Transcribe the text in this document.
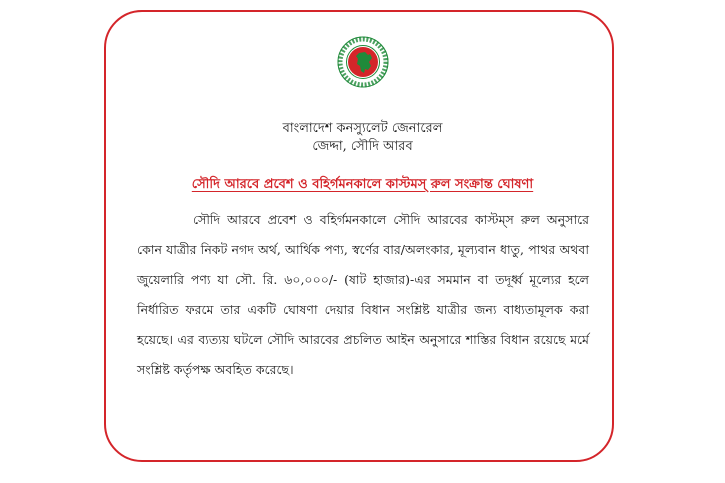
বাংলাদেশ কনস্যুলেট জেনারেল
জেদ্দা, সৌদি আরব
সৌদি আরবে প্রবেশ ও বহির্গমনকালে কাস্টমস্ রুল সংক্রান্ত ঘোষণা
সৌদি আরবে প্রবেশ ও বহির্গমনকালে সৌদি আরবের কাস্টম্‌স রুল অনুসারে কোন যাত্রীর নিকট নগদ অর্থ, আর্থিক পণ্য, স্বর্ণের বার/অলংকার, মূল্যবান ধাতু, পাথর অথবা জুয়েলারি পণ্য যা সৌ. রি. ৬০,০০০/- (ষাট হাজার)-এর সমমান বা তদূর্ধ্ব মূল্যের হলে নির্ধারিত ফরমে তার একটি ঘোষণা দেয়ার বিধান সংশ্লিষ্ট যাত্রীর জন্য বাধ্যতামূলক করা হয়েছে। এর ব্যত্যয় ঘটলে সৌদি আরবের প্রচলিত আইন অনুসারে শাস্তির বিধান রয়েছে মর্মে সংশ্লিষ্ট কর্তৃপক্ষ অবহিত করেছে।
